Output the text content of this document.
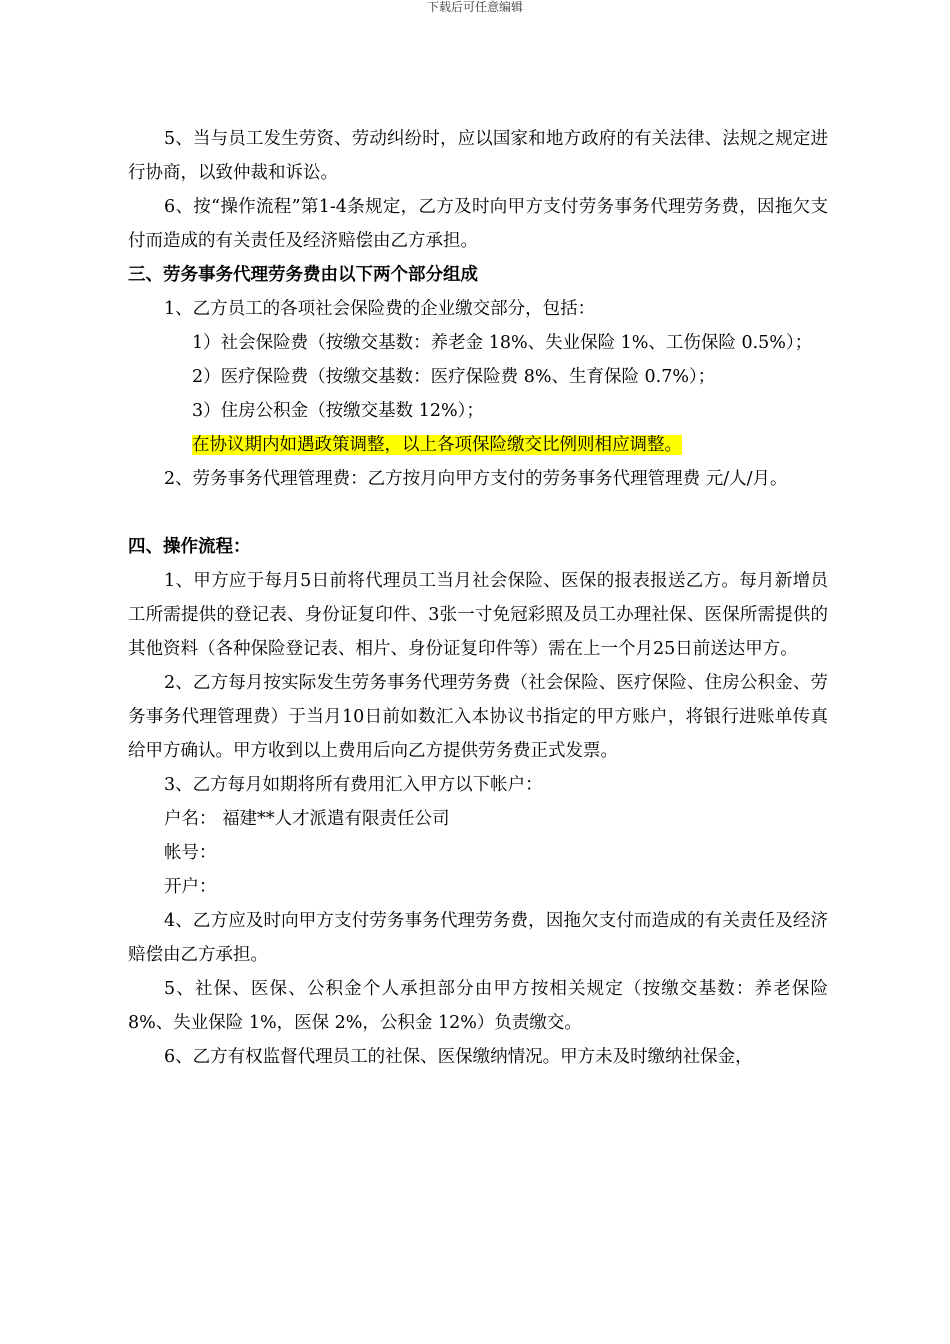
下载后可任意编辑

5、当与员工发生劳资、劳动纠纷时，应以国家和地方政府的有关法律、法规之规定进行协商，以致仲裁和诉讼。

6、按“操作流程”第1-4条规定，乙方及时向甲方支付劳务事务代理劳务费，因拖欠支付而造成的有关责任及经济赔偿由乙方承担。

三、劳务事务代理劳务费由以下两个部分组成

1、乙方员工的各项社会保险费的企业缴交部分，包括：

1）社会保险费（按缴交基数：养老金 18%、失业保险 1%、工伤保险 0.5%）；

2）医疗保险费（按缴交基数：医疗保险费 8%、生育保险 0.7%）；

3）住房公积金（按缴交基数 12%）；

在协议期内如遇政策调整，以上各项保险缴交比例则相应调整。

2、劳务事务代理管理费：乙方按月向甲方支付的劳务事务代理管理费 元/人/月。

四、操作流程：

1、甲方应于每月5日前将代理员工当月社会保险、医保的报表报送乙方。每月新增员工所需提供的登记表、身份证复印件、3张一寸免冠彩照及员工办理社保、医保所需提供的其他资料（各种保险登记表、相片、身份证复印件等）需在上一个月25日前送达甲方。

2、乙方每月按实际发生劳务事务代理劳务费（社会保险、医疗保险、住房公积金、劳务事务代理管理费）于当月10日前如数汇入本协议书指定的甲方账户，将银行进账单传真给甲方确认。甲方收到以上费用后向乙方提供劳务费正式发票。

3、乙方每月如期将所有费用汇入甲方以下帐户：

户名： 福建**人才派遣有限责任公司

帐号：

开户：

4、乙方应及时向甲方支付劳务事务代理劳务费，因拖欠支付而造成的有关责任及经济赔偿由乙方承担。

5、社保、医保、公积金个人承担部分由甲方按相关规定（按缴交基数：养老保险 8%、失业保险 1%，医保 2%，公积金 12%）负责缴交。

6、乙方有权监督代理员工的社保、医保缴纳情况。甲方未及时缴纳社保金，
